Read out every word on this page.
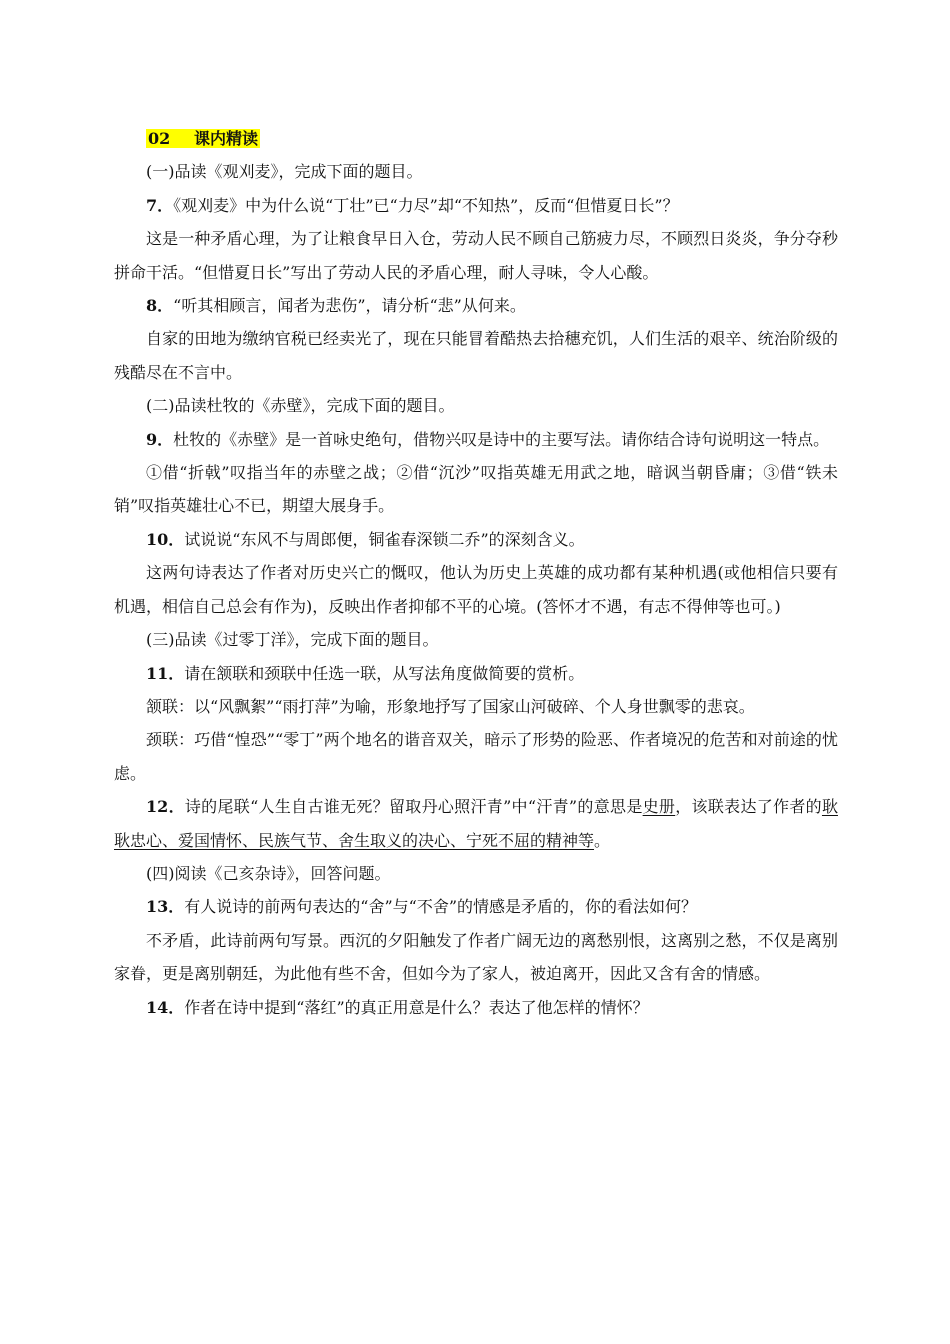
02 课内精读

(一)品读《观刈麦》，完成下面的题目。

7．《观刈麦》中为什么说“丁壮”已“力尽”却“不知热”，反而“但惜夏日长”？

这是一种矛盾心理，为了让粮食早日入仓，劳动人民不顾自己筋疲力尽，不顾烈日炎炎，争分夺秒拼命干活。“但惜夏日长”写出了劳动人民的矛盾心理，耐人寻味，令人心酸。

8．“听其相顾言，闻者为悲伤”，请分析“悲”从何来。

自家的田地为缴纳官税已经卖光了，现在只能冒着酷热去拾穗充饥，人们生活的艰辛、统治阶级的残酷尽在不言中。

(二)品读杜牧的《赤壁》，完成下面的题目。

9．杜牧的《赤壁》是一首咏史绝句，借物兴叹是诗中的主要写法。请你结合诗句说明这一特点。

①借“折戟”叹指当年的赤壁之战；②借“沉沙”叹指英雄无用武之地，暗讽当朝昏庸；③借“铁未销”叹指英雄壮心不已，期望大展身手。

10．试说说“东风不与周郎便，铜雀春深锁二乔”的深刻含义。

这两句诗表达了作者对历史兴亡的慨叹，他认为历史上英雄的成功都有某种机遇(或他相信只要有机遇，相信自己总会有作为)，反映出作者抑郁不平的心境。(答怀才不遇，有志不得伸等也可。)

(三)品读《过零丁洋》，完成下面的题目。

11．请在颔联和颈联中任选一联，从写法角度做简要的赏析。

颔联：以“风飘絮”“雨打萍”为喻，形象地抒写了国家山河破碎、个人身世飘零的悲哀。

颈联：巧借“惶恐”“零丁”两个地名的谐音双关，暗示了形势的险恶、作者境况的危苦和对前途的忧虑。

12．诗的尾联“人生自古谁无死？留取丹心照汗青”中“汗青”的意思是史册，该联表达了作者的耿耿忠心、爱国情怀、民族气节、舍生取义的决心、宁死不屈的精神等。

(四)阅读《己亥杂诗》，回答问题。

13．有人说诗的前两句表达的“舍”与“不舍”的情感是矛盾的，你的看法如何？

不矛盾，此诗前两句写景。西沉的夕阳触发了作者广阔无边的离愁别恨，这离别之愁，不仅是离别家眷，更是离别朝廷，为此他有些不舍，但如今为了家人，被迫离开，因此又含有舍的情感。

14．作者在诗中提到“落红”的真正用意是什么？表达了他怎样的情怀？
